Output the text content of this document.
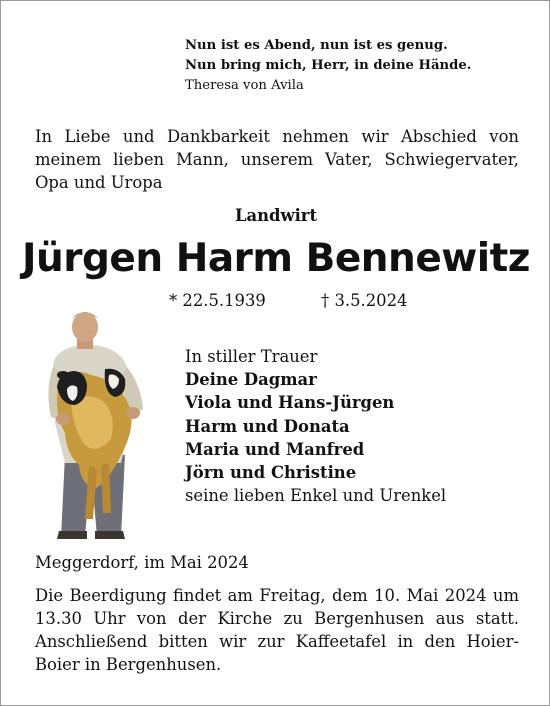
Nun ist es Abend, nun ist es genug.
Nun bring mich, Herr, in deine Hände.
Theresa von Avila
In Liebe und Dankbarkeit nehmen wir Abschied von meinem lieben Mann, unserem Vater, Schwiegervater, Opa und Uropa
Landwirt
Jürgen Harm Bennewitz
* 22.5.1939	† 3.5.2024
In stiller Trauer
Deine Dagmar
Viola und Hans-Jürgen
Harm und Donata
Maria und Manfred
Jörn und Christine
seine lieben Enkel und Urenkel
Meggerdorf, im Mai 2024
Die Beerdigung findet am Freitag, dem 10. Mai 2024 um 13.30 Uhr von der Kirche zu Bergenhusen aus statt. Anschließend bitten wir zur Kaffeetafel in den Hoier-Boier in Bergenhusen.
